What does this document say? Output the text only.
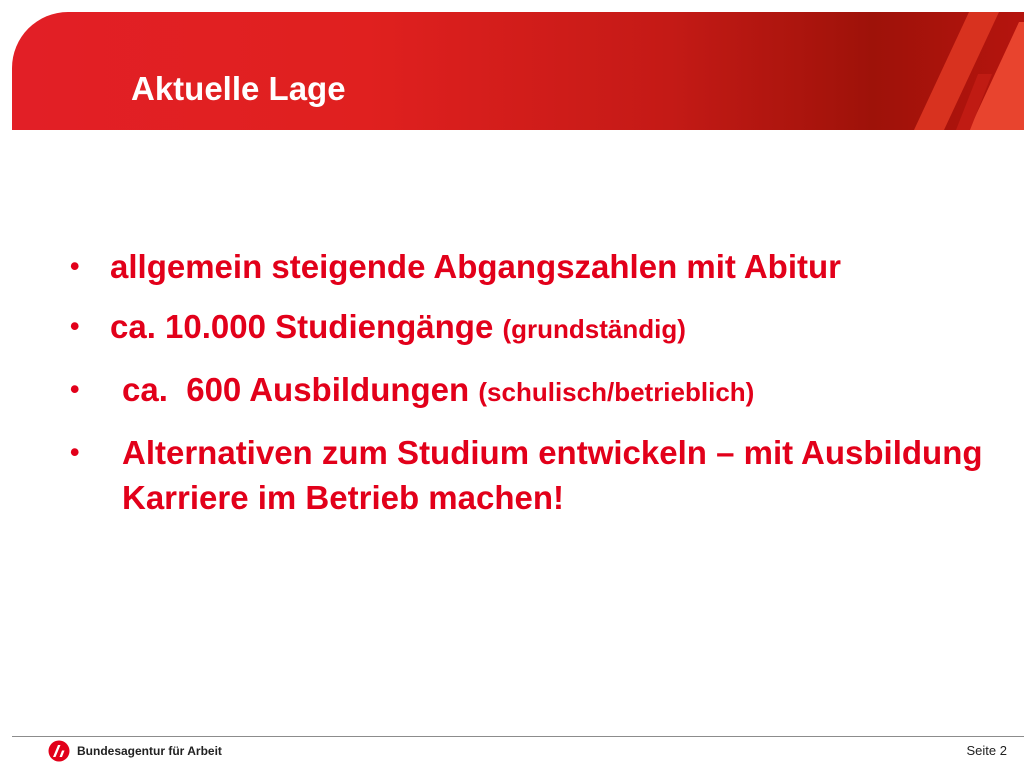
Aktuelle Lage
• allgemein steigende Abgangszahlen mit Abitur
• ca. 10.000 Studiengänge (grundständig)
• ca.  600 Ausbildungen (schulisch/betrieblich)
• Alternativen zum Studium entwickeln – mit Ausbildung Karriere im Betrieb machen!
Bundesagentur für Arbeit	Seite 2
